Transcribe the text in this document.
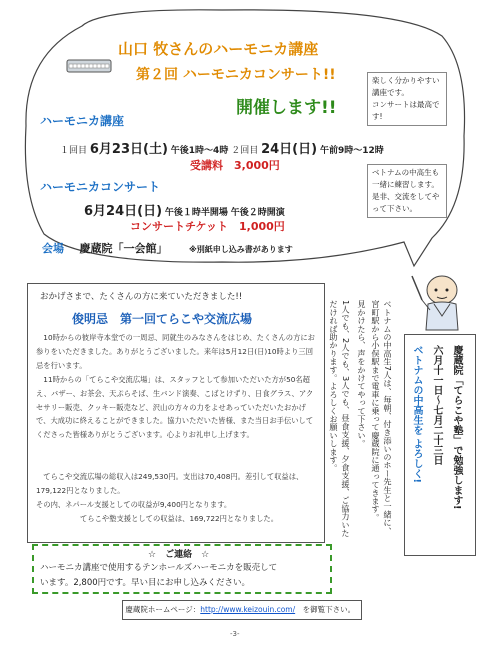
山口 牧さんのハーモニカ講座
第２回 ハーモニカコンサート!!
開催します!!
ハーモニカ講座
１回目 6月23日(土) 午後1時～4時 ２回目 24日(日) 午前9時～12時
受講料　3,000円
ハーモニカコンサート
6月24日(日) 午後１時半開場 午後２時開演
コンサートチケット　1,000円
会場 慶蔵院「一会館」	※別紙申し込み書があります
楽しく分かりやすい講座です。
コンサートは最高です!
ベトナムの中高生も一緒に練習します。
是非、交流をしてやって下さい。
おかげさまで、たくさんの方に来ていただきました!!
俊明忌　第一回てらこや交流広場
　10時からの彼岸寺本堂での一周忌、同就生のみなさんをはじめ、たくさんの方にお参りをいただきました。ありがとうございました。来年は5月12日(日)10時より三回忌を行います。
　11時からの「てらこや交流広場」は、スタッフとして参加いただいた方が50名超え、バザー、お茶会、天ぷらそば、生バンド演奏、こばとけずり、日食グラス、アクセサリー販売、クッキー販売など、沢山の方々の力をよせあっていただいたおかげで、大成功に終えることができました。協力いただいた皆様、また当日お手伝いしてくださった皆様ありがとうございます。心よりお礼申し上げます。
　てらこや交流広場の総収入は249,530円。支出は70,408円。差引して収益は、179,122円となりました。
その内、ネパール支援としての収益が9,400円となります。
てらこや塾支援としての収益は、169,722円となりました。	1人でも、2人でも、3人でも、昼食支援、夕食支援、ご協力いただければ助かります。よろしくお願いします。	見かけたら、声をかけてやって下さい。	ベトナムの中高生7人は、毎朝、付き添いのホー先生と一緒に、宮町駅から小俣駅まで電車に乗って慶蔵院に通ってきます。	ベトナムの中高生を よろしく! 六月十一日～七月二十三日 慶蔵院「てらこや塾」で勉強します!
☆　ご連絡　☆
ハーモニカ講座で使用するテンホールズハーモニカを販売して
います。2,800円です。早い目にお申し込みください。
慶蔵院ホームページ：http://www.keizouin.com/　を御覧下さい。
-3-
